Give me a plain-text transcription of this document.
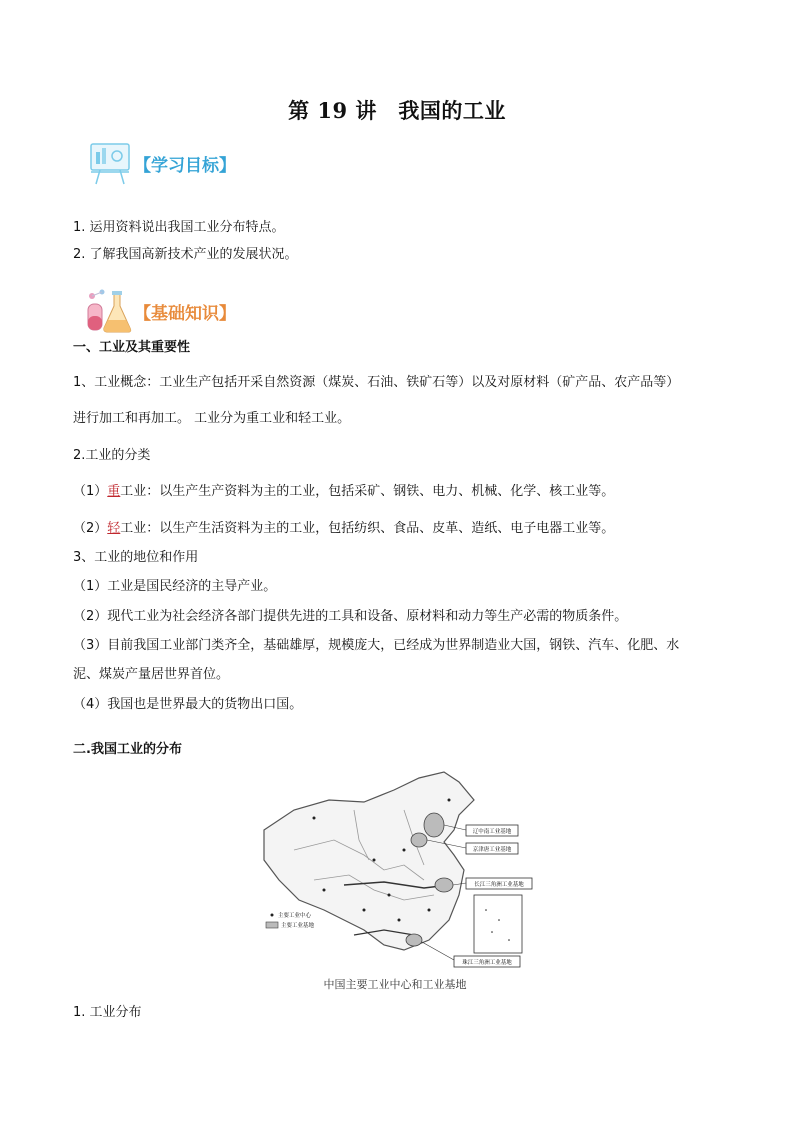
第 19 讲　我国的工业
【学习目标】
1. 运用资料说出我国工业分布特点。
2. 了解我国高新技术产业的发展状况。
【基础知识】
一、工业及其重要性
1、工业概念：工业生产包括开采自然资源（煤炭、石油、铁矿石等）以及对原材料（矿产品、农产品等）
进行加工和再加工。 工业分为重工业和轻工业。
2.工业的分类
（1）重工业：以生产生产资料为主的工业，包括采矿、钢铁、电力、机械、化学、核工业等。
（2）轻工业：以生产生活资料为主的工业，包括纺织、食品、皮革、造纸、电子电器工业等。
3、工业的地位和作用
（1）工业是国民经济的主导产业。
（2）现代工业为社会经济各部门提供先进的工具和设备、原材料和动力等生产必需的物质条件。
（3）目前我国工业部门类齐全，基础雄厚，规模庞大，已经成为世界制造业大国，钢铁、汽车、化肥、水
泥、煤炭产量居世界首位。
（4）我国也是世界最大的货物出口国。
二.我国工业的分布
辽中南工业基地
京津唐工业基地
长江三角洲工业基地
珠江三角洲工业基地
主要工业中心
主要工业基地
中国主要工业中心和工业基地
1. 工业分布
